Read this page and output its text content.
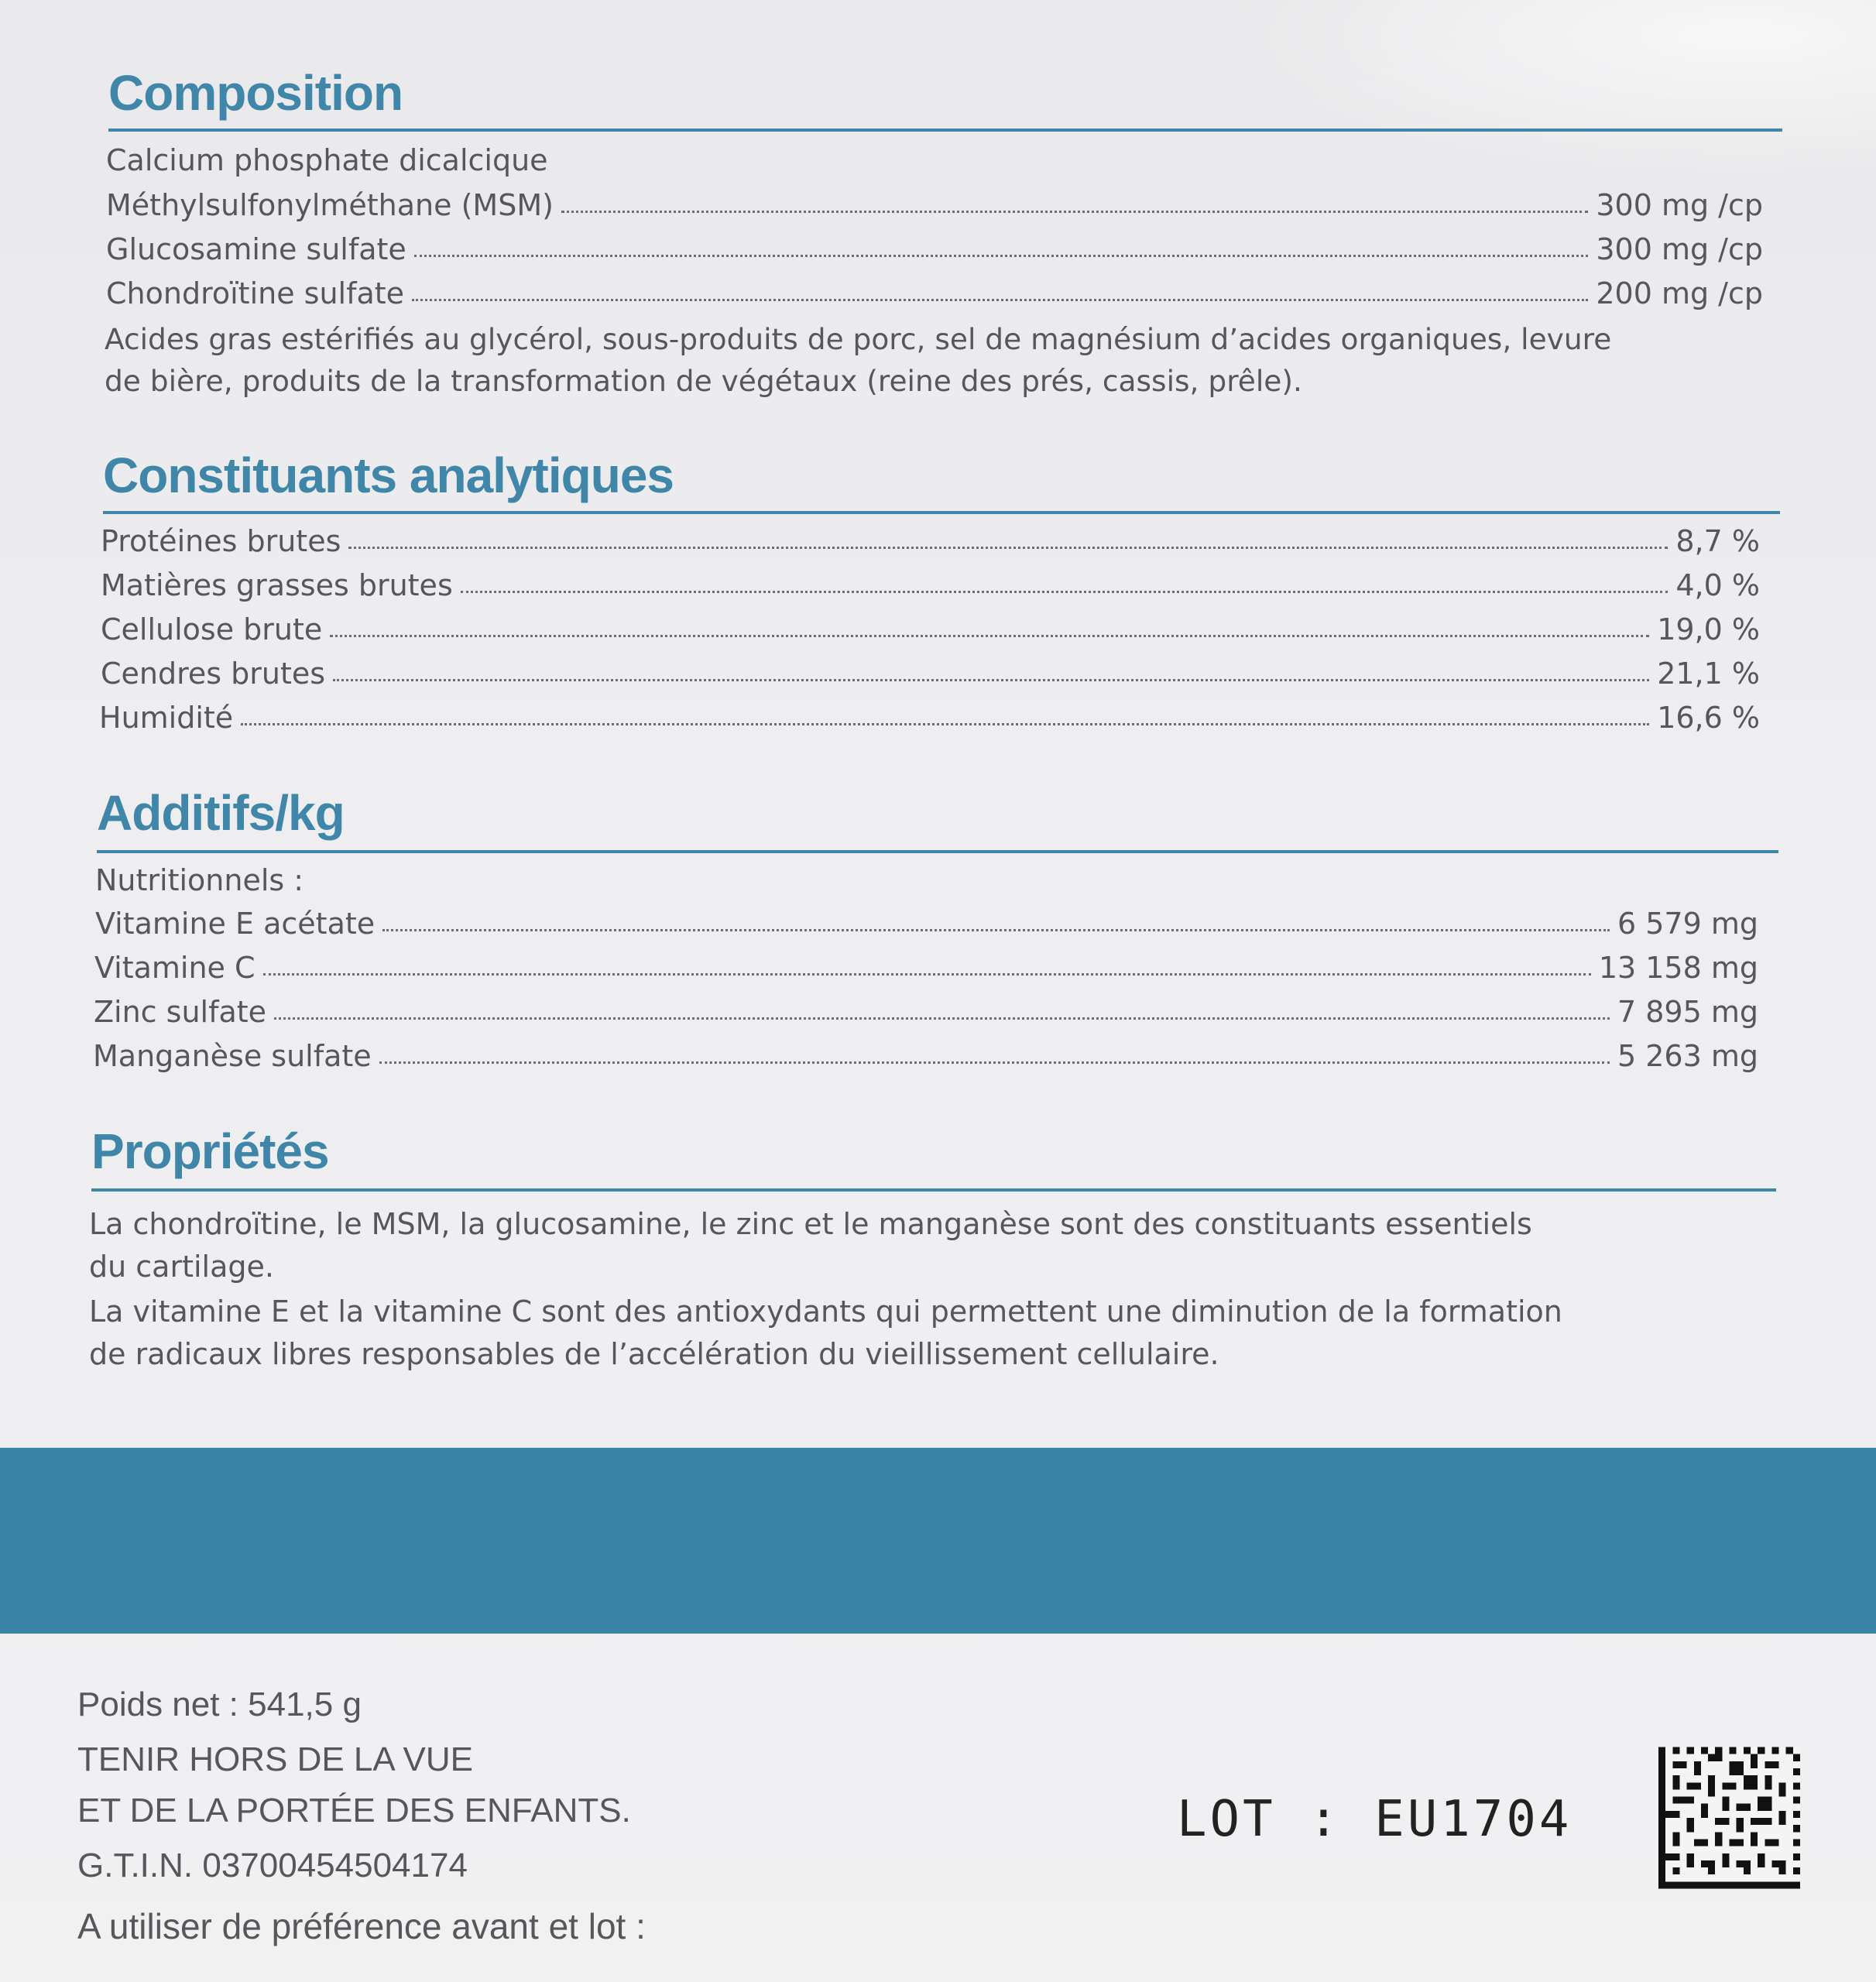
Composition
Calcium phosphate dicalcique
Méthylsulfonylméthane (MSM)	300 mg /cp
Glucosamine sulfate	300 mg /cp
Chondroïtine sulfate	200 mg /cp
Acides gras estérifiés au glycérol, sous-produits de porc, sel de magnésium d’acides organiques, levure
de bière, produits de la transformation de végétaux (reine des prés, cassis, prêle).
Constituants analytiques
Protéines brutes	8,7 %
Matières grasses brutes	4,0 %
Cellulose brute	19,0 %
Cendres brutes	21,1 %
Humidité	16,6 %
Additifs/kg
Nutritionnels :
Vitamine E acétate	6 579 mg
Vitamine C	13 158 mg
Zinc sulfate	7 895 mg
Manganèse sulfate	5 263 mg
Propriétés
La chondroïtine, le MSM, la glucosamine, le zinc et le manganèse sont des constituants essentiels
du cartilage.
La vitamine E et la vitamine C sont des antioxydants qui permettent une diminution de la formation
de radicaux libres responsables de l’accélération du vieillissement cellulaire.
Poids net : 541,5 g
TENIR HORS DE LA VUE
ET DE LA PORTÉE DES ENFANTS.
G.T.I.N. 03700454504174
A utiliser de préférence avant et lot :
LOT : EU1704
